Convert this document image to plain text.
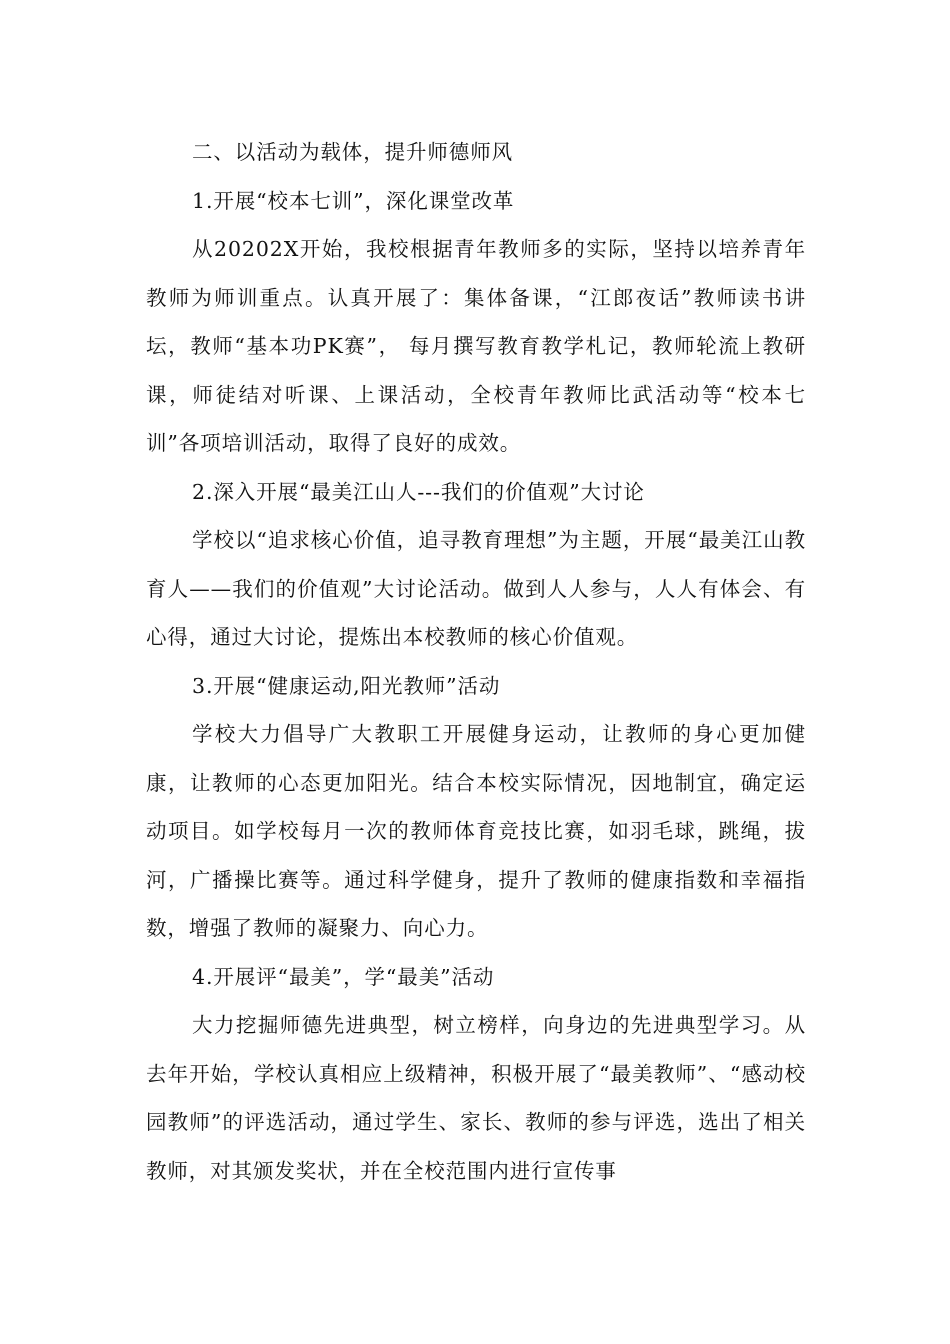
二、以活动为载体，提升师德师风

1.开展“校本七训”，深化课堂改革

从20202X开始，我校根据青年教师多的实际，坚持以培养青年教师为师训重点。认真开展了：集体备课，“江郎夜话”教师读书讲坛，教师“基本功PK赛”， 每月撰写教育教学札记，教师轮流上教研课，师徒结对听课、上课活动，全校青年教师比武活动等“校本七训”各项培训活动，取得了良好的成效。

2.深入开展“最美江山人---我们的价值观”大讨论

学校以“追求核心价值，追寻教育理想”为主题，开展“最美江山教育人——我们的价值观”大讨论活动。做到人人参与，人人有体会、有心得，通过大讨论，提炼出本校教师的核心价值观。

3.开展“健康运动,阳光教师”活动

学校大力倡导广大教职工开展健身运动，让教师的身心更加健康，让教师的心态更加阳光。结合本校实际情况，因地制宜，确定运动项目。如学校每月一次的教师体育竞技比赛，如羽毛球，跳绳，拔河，广播操比赛等。通过科学健身，提升了教师的健康指数和幸福指数，增强了教师的凝聚力、向心力。

4.开展评“最美”，学“最美”活动

大力挖掘师德先进典型，树立榜样，向身边的先进典型学习。从去年开始，学校认真相应上级精神，积极开展了“最美教师”、“感动校园教师”的评选活动，通过学生、家长、教师的参与评选，选出了相关教师，对其颁发奖状，并在全校范围内进行宣传事
